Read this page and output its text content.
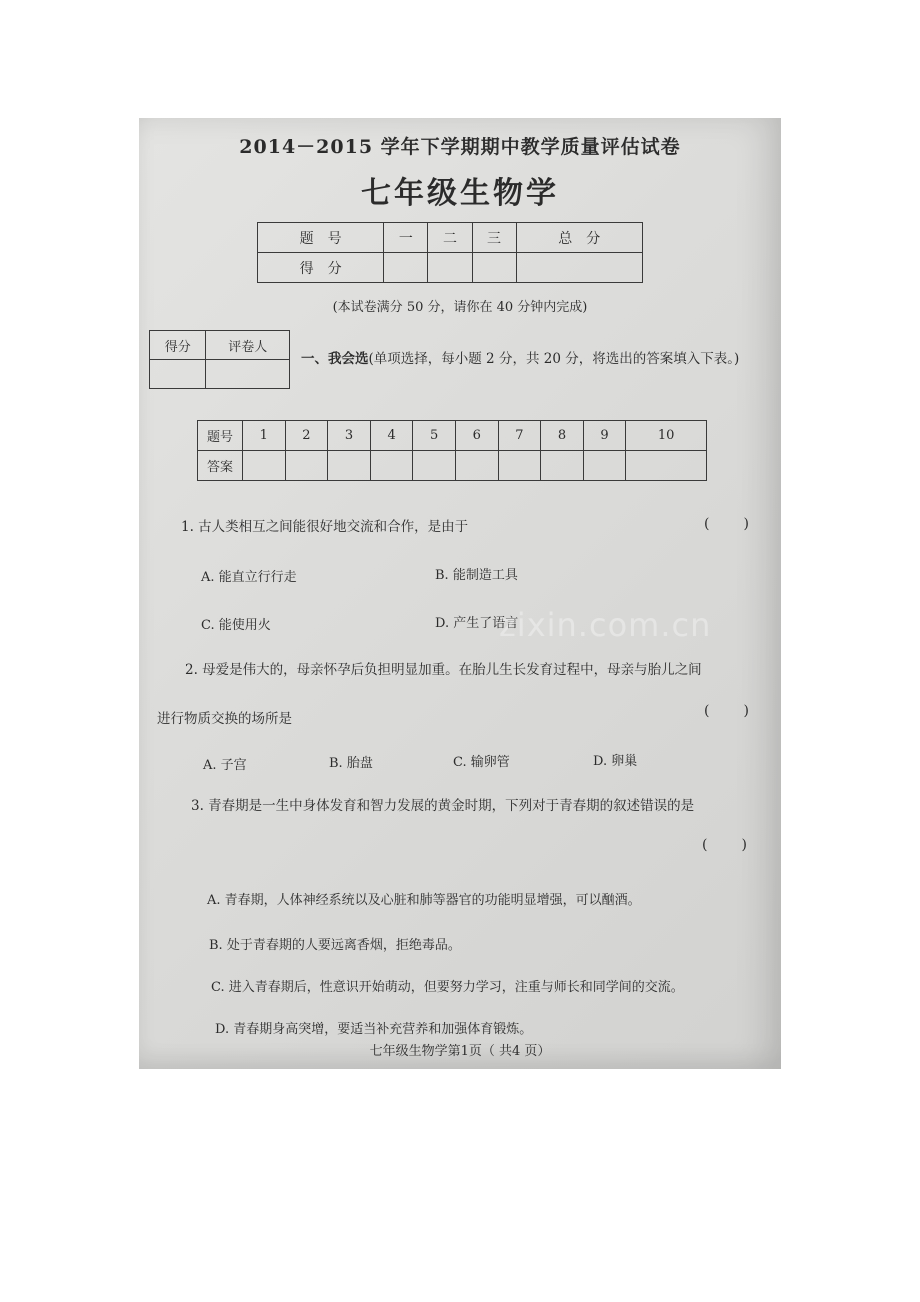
2014－2015 学年下学期期中教学质量评估试卷
七年级生物学
题　号	一	二	三	总　分
得　分				
(本试卷满分 50 分，请你在 40 分钟内完成)
得分	评卷人

一、我会选(单项选择，每小题 2 分，共 20 分，将选出的答案填入下表。)
题号	1	2	3	4	5	6	7	8	9	10
答案										
1. 古人类相互之间能很好地交流和合作，是由于	(　　)
A. 能直立行行走	B. 能制造工具
C. 能使用火	D. 产生了语言
2. 母爱是伟大的，母亲怀孕后负担明显加重。在胎儿生长发育过程中，母亲与胎儿之间
进行物质交换的场所是	(　　)
A. 子宫	B. 胎盘	C. 输卵管	D. 卵巢
3. 青春期是一生中身体发育和智力发展的黄金时期，下列对于青春期的叙述错误的是
(　　)
A. 青春期，人体神经系统以及心脏和肺等器官的功能明显增强，可以酗酒。
B. 处于青春期的人要远离香烟，拒绝毒品。
C. 进入青春期后，性意识开始萌动，但要努力学习，注重与师长和同学间的交流。
D. 青春期身高突增，要适当补充营养和加强体育锻炼。
七年级生物学第1页（ 共4 页）
zixin.com.cn
